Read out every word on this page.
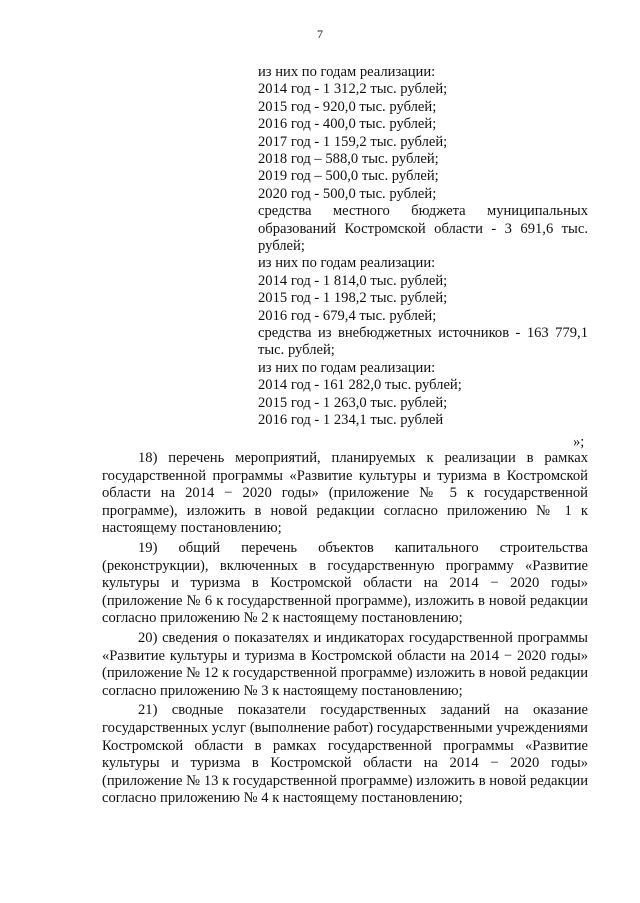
7
из них по годам реализации:
2014 год - 1 312,2 тыс. рублей;
2015 год - 920,0 тыс. рублей;
2016 год - 400,0 тыс. рублей;
2017 год - 1 159,2 тыс. рублей;
2018 год – 588,0 тыс. рублей;
2019 год – 500,0 тыс. рублей;
2020 год - 500,0 тыс. рублей;
средства местного бюджета муниципальных образований Костромской области - 3 691,6 тыс. рублей;
из них по годам реализации:
2014 год - 1 814,0 тыс. рублей;
2015 год - 1 198,2 тыс. рублей;
2016 год - 679,4 тыс. рублей;
средства из внебюджетных источников - 163 779,1 тыс. рублей;
из них по годам реализации:
2014 год - 161 282,0 тыс. рублей;
2015 год - 1 263,0 тыс. рублей;
2016 год - 1 234,1 тыс. рублей
»;
18) перечень мероприятий, планируемых к реализации в рамках государственной программы «Развитие культуры и туризма в Костромской области на 2014 − 2020 годы» (приложение № 5 к государственной программе), изложить в новой редакции согласно приложению № 1 к настоящему постановлению;
19) общий перечень объектов капитального строительства (реконструкции), включенных в государственную программу «Развитие культуры и туризма в Костромской области на 2014 − 2020 годы» (приложение № 6 к государственной программе), изложить в новой редакции согласно приложению № 2 к настоящему постановлению;
20) сведения о показателях и индикаторах государственной программы «Развитие культуры и туризма в Костромской области на 2014 − 2020 годы» (приложение № 12 к государственной программе) изложить в новой редакции согласно приложению № 3 к настоящему постановлению;
21) сводные показатели государственных заданий на оказание государственных услуг (выполнение работ) государственными учреждениями Костромской области в рамках государственной программы «Развитие культуры и туризма в Костромской области на 2014 − 2020 годы» (приложение № 13 к государственной программе) изложить в новой редакции согласно приложению № 4 к настоящему постановлению;
